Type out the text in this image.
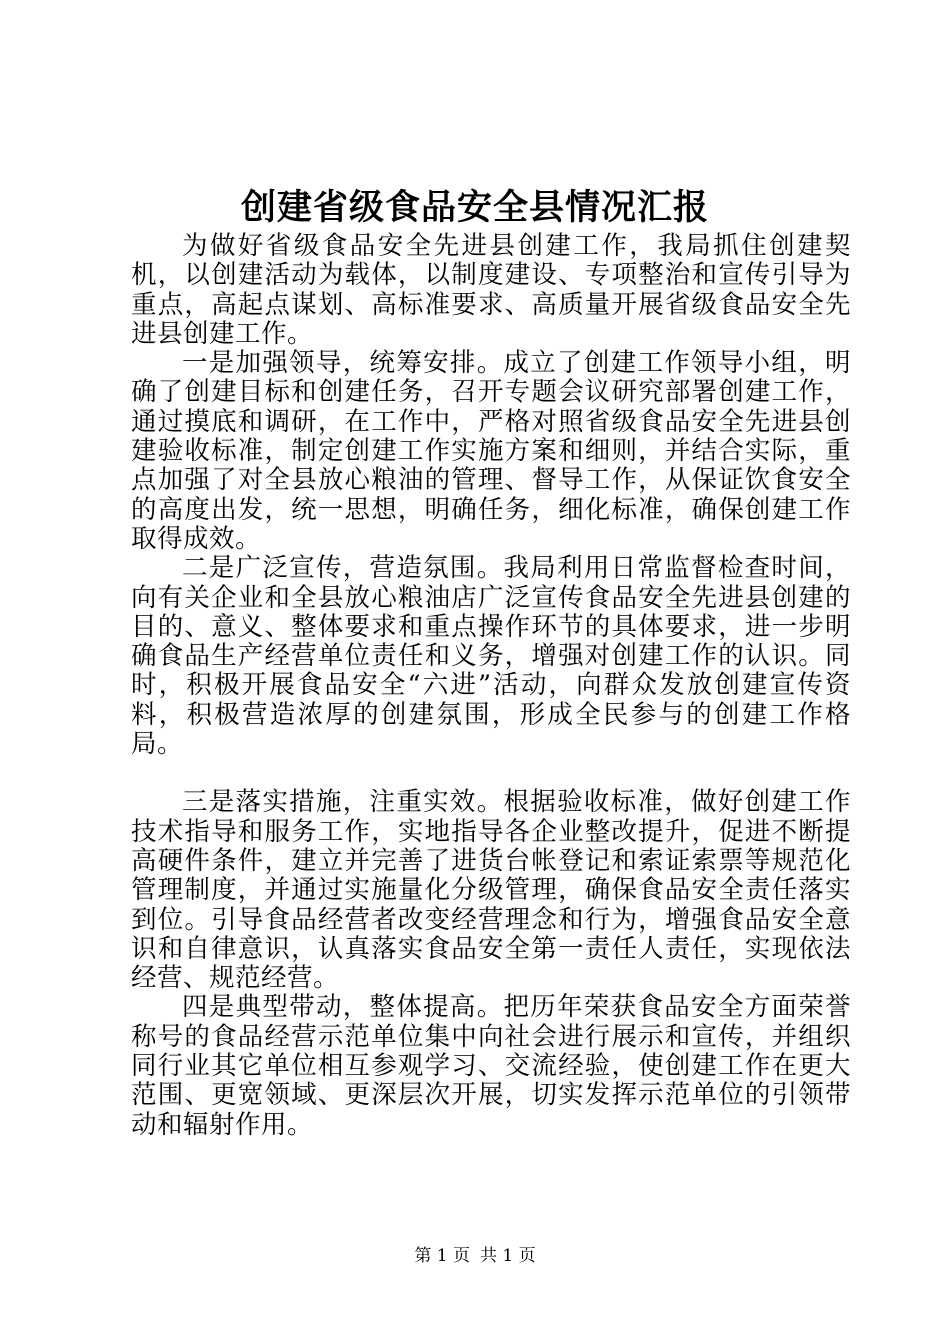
创建省级食品安全县情况汇报

为做好省级食品安全先进县创建工作，我局抓住创建契机，以创建活动为载体，以制度建设、专项整治和宣传引导为重点，高起点谋划、高标准要求、高质量开展省级食品安全先进县创建工作。

一是加强领导，统筹安排。成立了创建工作领导小组，明确了创建目标和创建任务，召开专题会议研究部署创建工作，通过摸底和调研，在工作中，严格对照省级食品安全先进县创建验收标准，制定创建工作实施方案和细则，并结合实际，重点加强了对全县放心粮油的管理、督导工作，从保证饮食安全的高度出发，统一思想，明确任务，细化标准，确保创建工作取得成效。

二是广泛宣传，营造氛围。我局利用日常监督检查时间，向有关企业和全县放心粮油店广泛宣传食品安全先进县创建的目的、意义、整体要求和重点操作环节的具体要求，进一步明确食品生产经营单位责任和义务，增强对创建工作的认识。同时，积极开展食品安全“六进”活动，向群众发放创建宣传资料，积极营造浓厚的创建氛围，形成全民参与的创建工作格局。

三是落实措施，注重实效。根据验收标准，做好创建工作技术指导和服务工作，实地指导各企业整改提升，促进不断提高硬件条件，建立并完善了进货台帐登记和索证索票等规范化管理制度，并通过实施量化分级管理，确保食品安全责任落实到位。引导食品经营者改变经营理念和行为，增强食品安全意识和自律意识，认真落实食品安全第一责任人责任，实现依法经营、规范经营。

四是典型带动，整体提高。把历年荣获食品安全方面荣誉称号的食品经营示范单位集中向社会进行展示和宣传，并组织同行业其它单位相互参观学习、交流经验，使创建工作在更大范围、更宽领域、更深层次开展，切实发挥示范单位的引领带动和辐射作用。

第 1 页 共 1 页
